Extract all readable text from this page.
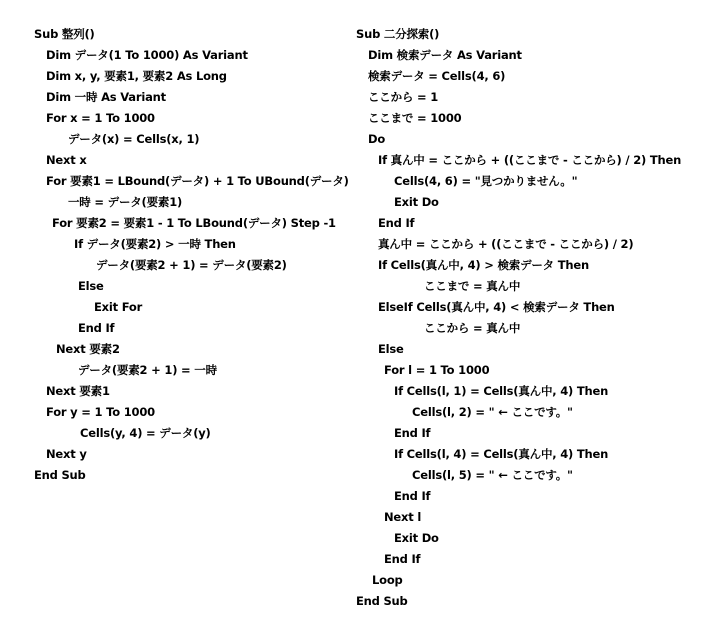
Sub 整列()
Dim データ(1 To 1000) As Variant
Dim x, y, 要素1, 要素2 As Long
Dim 一時 As Variant
For x = 1 To 1000
データ(x) = Cells(x, 1)
Next x
For 要素1 = LBound(データ) + 1 To UBound(データ)
一時 = データ(要素1)
For 要素2 = 要素1 - 1 To LBound(データ) Step -1
If データ(要素2) > 一時 Then
データ(要素2 + 1) = データ(要素2)
Else
Exit For
End If
Next 要素2
データ(要素2 + 1) = 一時
Next 要素1
For y = 1 To 1000
Cells(y, 4) = データ(y)
Next y
End Sub
Sub 二分探索()
Dim 検索データ As Variant
検索データ = Cells(4, 6)
ここから = 1
ここまで = 1000
Do
If 真ん中 = ここから + ((ここまで - ここから) / 2) Then
Cells(4, 6) = "見つかりません。"
Exit Do
End If
真ん中 = ここから + ((ここまで - ここから) / 2)
If Cells(真ん中, 4) > 検索データ Then
ここまで = 真ん中
ElseIf Cells(真ん中, 4) < 検索データ Then
ここから = 真ん中
Else
For l = 1 To 1000
If Cells(l, 1) = Cells(真ん中, 4) Then
Cells(l, 2) = " ← ここです。"
End If
If Cells(l, 4) = Cells(真ん中, 4) Then
Cells(l, 5) = " ← ここです。"
End If
Next l
Exit Do
End If
Loop
End Sub
